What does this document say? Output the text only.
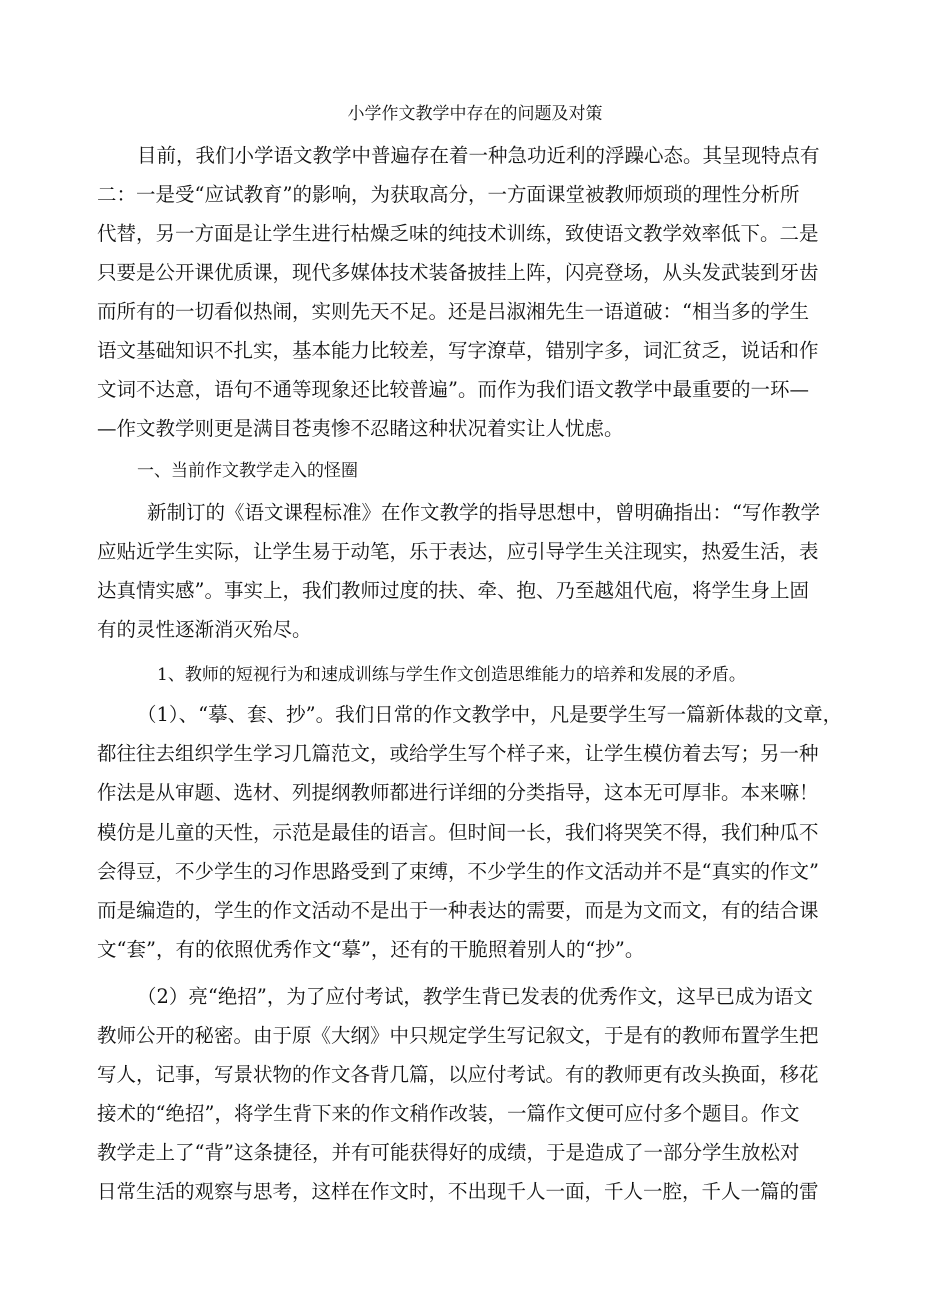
小学作文教学中存在的问题及对策
目前，我们小学语文教学中普遍存在着一种急功近利的浮躁心态。其呈现特点有
二：一是受“应试教育”的影响，为获取高分，一方面课堂被教师烦琐的理性分析所
代替，另一方面是让学生进行枯燥乏味的纯技术训练，致使语文教学效率低下。二是
只要是公开课优质课，现代多媒体技术装备披挂上阵，闪亮登场，从头发武装到牙齿
而所有的一切看似热闹，实则先天不足。还是吕淑湘先生一语道破：“相当多的学生
语文基础知识不扎实，基本能力比较差，写字潦草，错别字多，词汇贫乏，说话和作
文词不达意，语句不通等现象还比较普遍”。而作为我们语文教学中最重要的一环—
—作文教学则更是满目苍夷惨不忍睹这种状况着实让人忧虑。
一、当前作文教学走入的怪圈
新制订的《语文课程标准》在作文教学的指导思想中，曾明确指出：“写作教学
应贴近学生实际，让学生易于动笔，乐于表达，应引导学生关注现实，热爱生活，表
达真情实感”。事实上，我们教师过度的扶、牵、抱、乃至越俎代庖，将学生身上固
有的灵性逐渐消灭殆尽。
1、教师的短视行为和速成训练与学生作文创造思维能力的培养和发展的矛盾。
（1）、“摹、套、抄”。我们日常的作文教学中，凡是要学生写一篇新体裁的文章，
都往往去组织学生学习几篇范文，或给学生写个样子来，让学生模仿着去写；另一种
作法是从审题、选材、列提纲教师都进行详细的分类指导，这本无可厚非。本来嘛！
模仿是儿童的天性，示范是最佳的语言。但时间一长，我们将哭笑不得，我们种瓜不
会得豆，不少学生的习作思路受到了束缚，不少学生的作文活动并不是“真实的作文”
而是编造的，学生的作文活动不是出于一种表达的需要，而是为文而文，有的结合课
文“套”，有的依照优秀作文“摹”，还有的干脆照着别人的“抄”。
（2）亮“绝招”，为了应付考试，教学生背已发表的优秀作文，这早已成为语文
教师公开的秘密。由于原《大纲》中只规定学生写记叙文，于是有的教师布置学生把
写人，记事，写景状物的作文各背几篇，以应付考试。有的教师更有改头换面，移花
接术的“绝招”，将学生背下来的作文稍作改装，一篇作文便可应付多个题目。作文
教学走上了“背”这条捷径，并有可能获得好的成绩，于是造成了一部分学生放松对
日常生活的观察与思考，这样在作文时，不出现千人一面，千人一腔，千人一篇的雷
